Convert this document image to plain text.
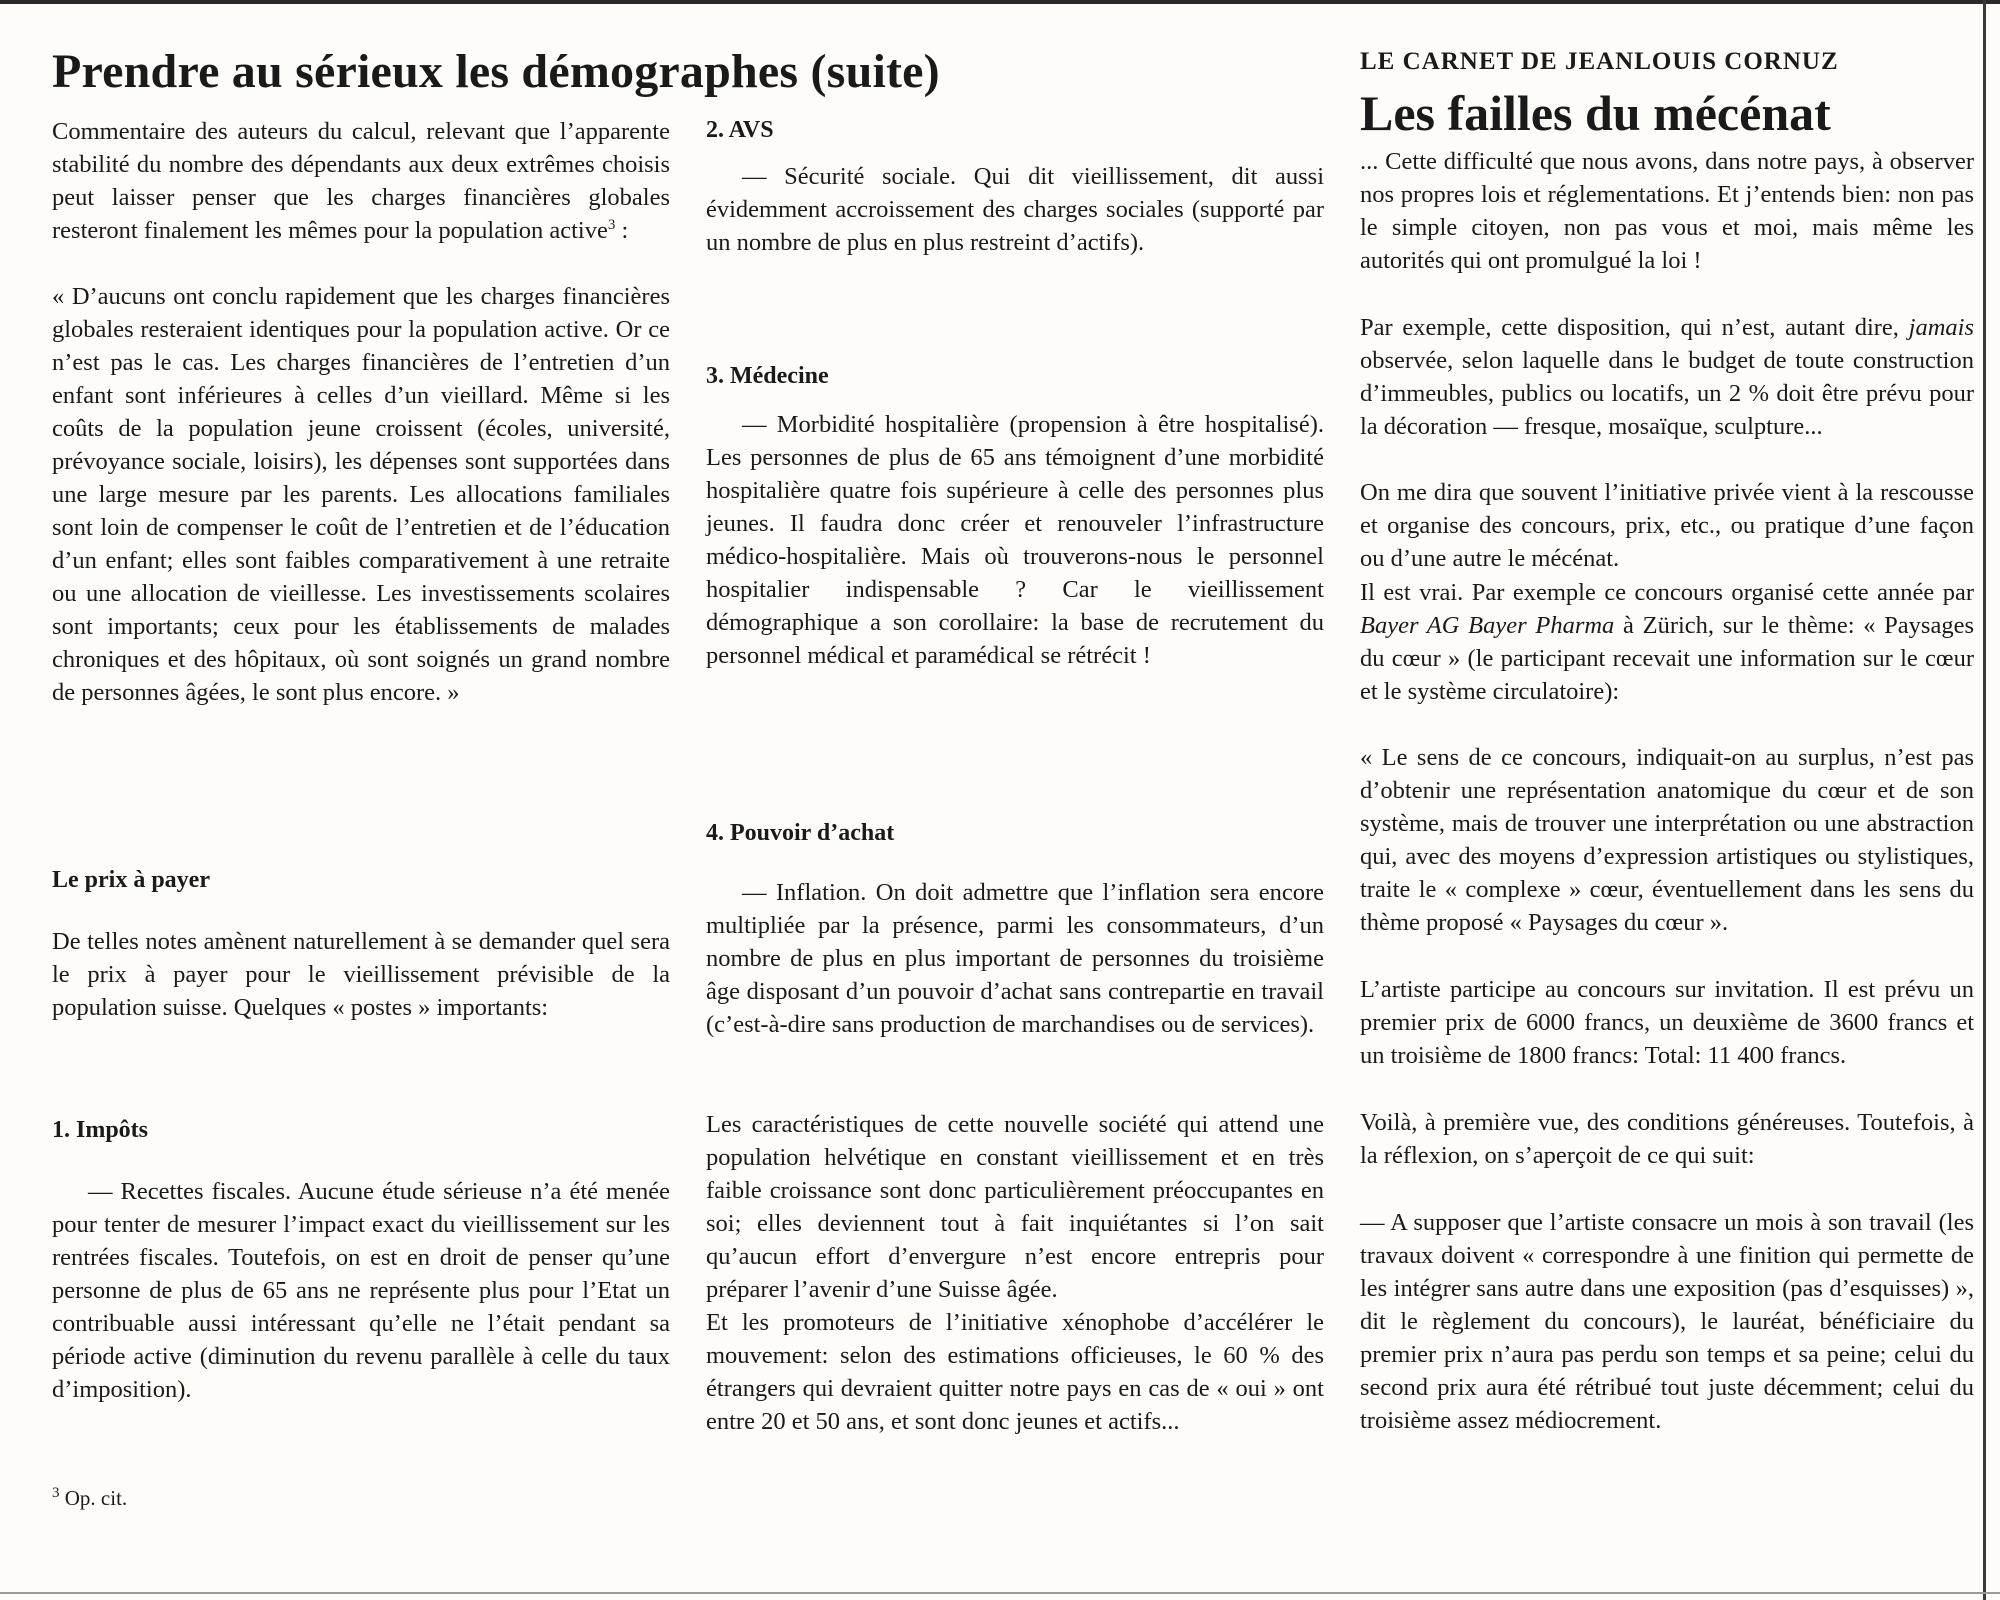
Prendre au sérieux les démographes (suite)

Commentaire des auteurs du calcul, relevant que l’apparente stabilité du nombre des dépendants aux deux extrêmes choisis peut laisser penser que les charges financières globales resteront finalement les mêmes pour la population active$^3$ :

« D’aucuns ont conclu rapidement que les charges financières globales resteraient identiques pour la population active. Or ce n’est pas le cas. Les charges financières de l’entretien d’un enfant sont inférieures à celles d’un vieillard. Même si les coûts de la population jeune croissent (écoles, université, prévoyance sociale, loisirs), les dépenses sont supportées dans une large mesure par les parents. Les allocations familiales sont loin de compenser le coût de l’entretien et de l’éducation d’un enfant; elles sont faibles comparativement à une retraite ou une allocation de vieillesse. Les investissements scolaires sont importants; ceux pour les établissements de malades chroniques et des hôpitaux, où sont soignés un grand nombre de personnes âgées, le sont plus encore. »

Le prix à payer

De telles notes amènent naturellement à se demander quel sera le prix à payer pour le vieillissement prévisible de la population suisse. Quelques « postes » importants:

1. Impôts

— Recettes fiscales. Aucune étude sérieuse n’a été menée pour tenter de mesurer l’impact exact du vieillissement sur les rentrées fiscales. Toutefois, on est en droit de penser qu’une personne de plus de 65 ans ne représente plus pour l’Etat un contribuable aussi intéressant qu’elle ne l’était pendant sa période active (diminution du revenu parallèle à celle du taux d’imposition).

$^3$ Op. cit.

2. AVS

— Sécurité sociale. Qui dit vieillissement, dit aussi évidemment accroissement des charges sociales (supporté par un nombre de plus en plus restreint d’actifs).

3. Médecine

— Morbidité hospitalière (propension à être hospitalisé). Les personnes de plus de 65 ans témoignent d’une morbidité hospitalière quatre fois supérieure à celle des personnes plus jeunes. Il faudra donc créer et renouveler l’infrastructure médico-hospitalière. Mais où trouverons-nous le personnel hospitalier indispensable ? Car le vieillissement démographique a son corollaire: la base de recrutement du personnel médical et paramédical se rétrécit !

4. Pouvoir d’achat

— Inflation. On doit admettre que l’inflation sera encore multipliée par la présence, parmi les consommateurs, d’un nombre de plus en plus important de personnes du troisième âge disposant d’un pouvoir d’achat sans contrepartie en travail (c’est-à-dire sans production de marchandises ou de services).

Les caractéristiques de cette nouvelle société qui attend une population helvétique en constant vieillissement et en très faible croissance sont donc particulièrement préoccupantes en soi; elles deviennent tout à fait inquiétantes si l’on sait qu’aucun effort d’envergure n’est encore entrepris pour préparer l’avenir d’une Suisse âgée.

Et les promoteurs de l’initiative xénophobe d’accélérer le mouvement: selon des estimations officieuses, le 60 % des étrangers qui devraient quitter notre pays en cas de « oui » ont entre 20 et 50 ans, et sont donc jeunes et actifs...

LE CARNET DE JEANLOUIS CORNUZ
Les failles du mécénat

... Cette difficulté que nous avons, dans notre pays, à observer nos propres lois et réglementations. Et j’entends bien: non pas le simple citoyen, non pas vous et moi, mais même les autorités qui ont promulgué la loi !

Par exemple, cette disposition, qui n’est, autant dire, jamais observée, selon laquelle dans le budget de toute construction d’immeubles, publics ou locatifs, un 2 % doit être prévu pour la décoration — fresque, mosaïque, sculpture...

On me dira que souvent l’initiative privée vient à la rescousse et organise des concours, prix, etc., ou pratique d’une façon ou d’une autre le mécénat.

Il est vrai. Par exemple ce concours organisé cette année par Bayer AG Bayer Pharma à Zürich, sur le thème: « Paysages du cœur » (le participant recevait une information sur le cœur et le système circulatoire):

« Le sens de ce concours, indiquait-on au surplus, n’est pas d’obtenir une représentation anatomique du cœur et de son système, mais de trouver une interprétation ou une abstraction qui, avec des moyens d’expression artistiques ou stylistiques, traite le « complexe » cœur, éventuellement dans les sens du thème proposé « Paysages du cœur ».

L’artiste participe au concours sur invitation. Il est prévu un premier prix de 6000 francs, un deuxième de 3600 francs et un troisième de 1800 francs: Total: 11 400 francs.

Voilà, à première vue, des conditions généreuses. Toutefois, à la réflexion, on s’aperçoit de ce qui suit:

— A supposer que l’artiste consacre un mois à son travail (les travaux doivent « correspondre à une finition qui permette de les intégrer sans autre dans une exposition (pas d’esquisses) », dit le règlement du concours), le lauréat, bénéficiaire du premier prix n’aura pas perdu son temps et sa peine; celui du second prix aura été rétribué tout juste décemment; celui du troisième assez médiocrement.
